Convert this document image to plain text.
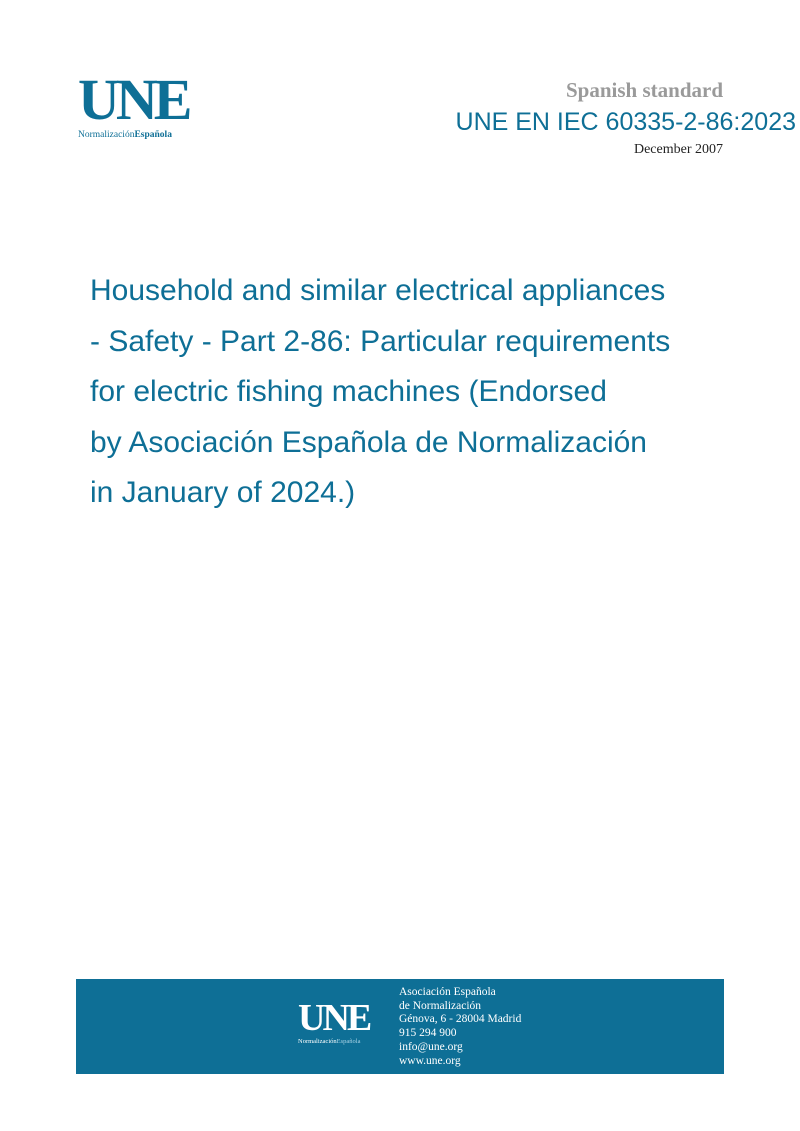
UNE
NormalizaciónEspañola
Spanish standard
UNE EN IEC 60335-2-86:2023
December 2007
Household and similar electrical appliances
- Safety - Part 2-86: Particular requirements
for electric fishing machines (Endorsed
by Asociación Española de Normalización
in January of 2024.)
UNE
NormalizaciónEspañola
Asociación Española
de Normalización
Génova, 6 - 28004 Madrid
915 294 900
info@une.org
www.une.org
